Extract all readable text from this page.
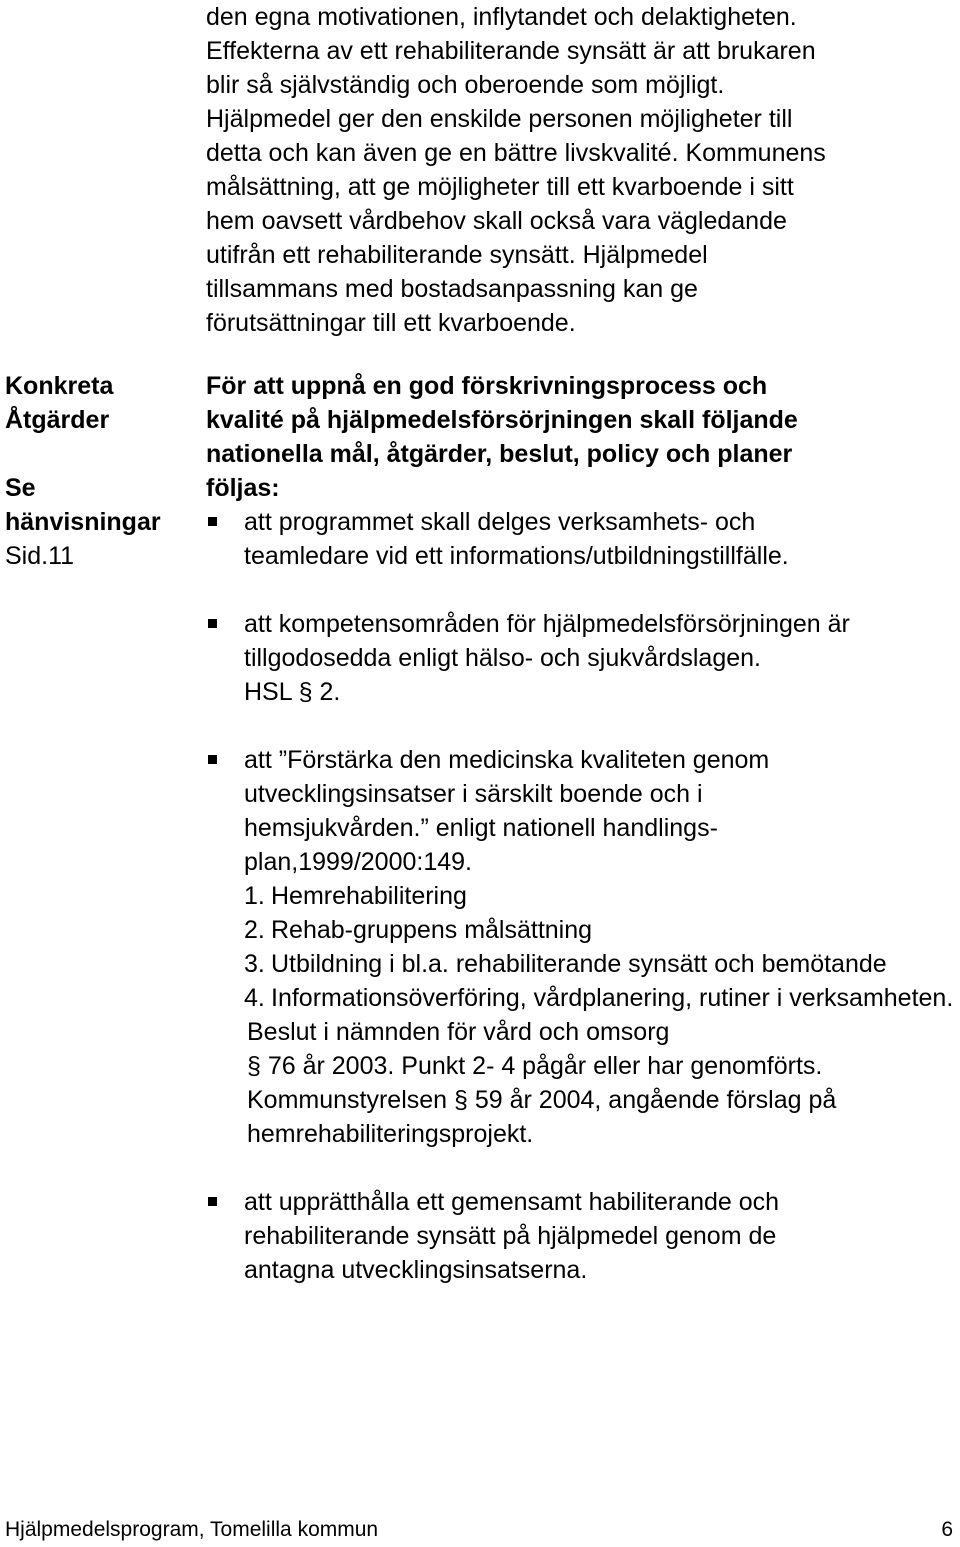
den egna motivationen, inflytandet och delaktigheten.
Effekterna av ett rehabiliterande synsätt är att brukaren
blir så självständig och oberoende som möjligt.
Hjälpmedel ger den enskilde personen möjligheter till
detta och kan även ge en bättre livskvalité. Kommunens
målsättning, att ge möjligheter till ett kvarboende i sitt
hem oavsett vårdbehov skall också vara vägledande
utifrån ett rehabiliterande synsätt. Hjälpmedel
tillsammans med bostadsanpassning kan ge
förutsättningar till ett kvarboende.
Konkreta
Åtgärder
Se
hänvisningar
Sid.11
För att uppnå en god förskrivningsprocess och
kvalité på hjälpmedelsförsörjningen skall följande
nationella mål, åtgärder, beslut, policy och planer
följas:
att programmet skall delges verksamhets- och
teamledare vid ett informations/utbildningstillfälle.
att kompetensområden för hjälpmedelsförsörjningen är
tillgodosedda enligt hälso- och sjukvårdslagen.
HSL § 2.
att ”Förstärka den medicinska kvaliteten genom
utvecklingsinsatser i särskilt boende och i
hemsjukvården.” enligt nationell handlings-
plan,1999/2000:149.
1. Hemrehabilitering
2. Rehab-gruppens målsättning
3. Utbildning i bl.a. rehabiliterande synsätt och bemötande
4. Informationsöverföring, vårdplanering, rutiner i verksamheten.
Beslut i nämnden för vård och omsorg
§ 76 år 2003. Punkt 2- 4 pågår eller har genomförts.
Kommunstyrelsen § 59 år 2004, angående förslag på
hemrehabiliteringsprojekt.
att upprätthålla ett gemensamt habiliterande och
rehabiliterande synsätt på hjälpmedel genom de
antagna utvecklingsinsatserna.
Hjälpmedelsprogram, Tomelilla kommun	6
